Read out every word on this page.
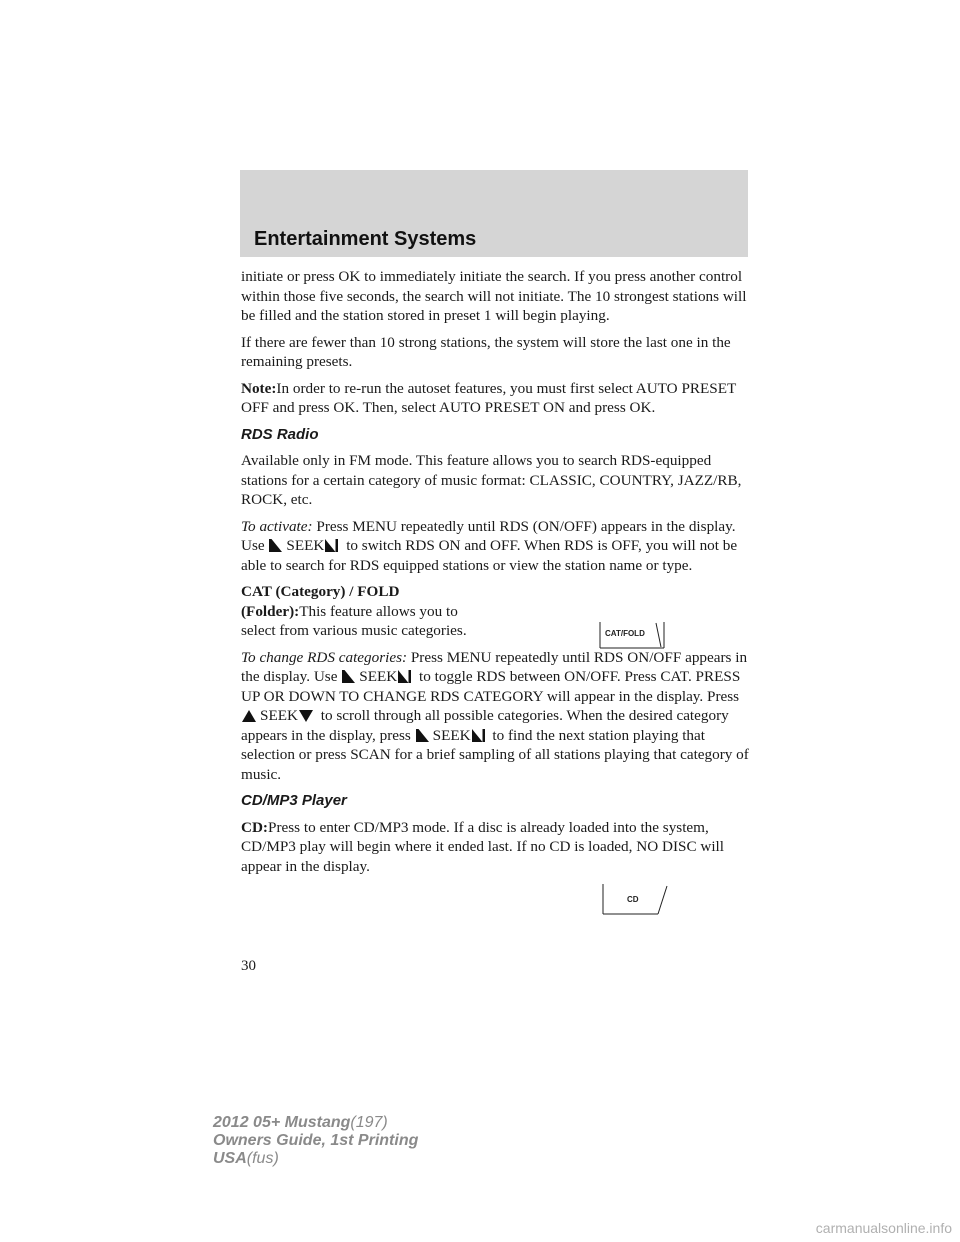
Entertainment Systems

initiate or press OK to immediately initiate the search. If you press another control within those five seconds, the search will not initiate. The 10 strongest stations will be filled and the station stored in preset 1 will begin playing.

If there are fewer than 10 strong stations, the system will store the last one in the remaining presets.

Note:In order to re-run the autoset features, you must first select AUTO PRESET OFF and press OK. Then, select AUTO PRESET ON and press OK.

RDS Radio

Available only in FM mode. This feature allows you to search RDS-equipped stations for a certain category of music format: CLASSIC, COUNTRY, JAZZ/RB, ROCK, etc.

To activate: Press MENU repeatedly until RDS (ON/OFF) appears in the display. Use SEEK to switch RDS ON and OFF. When RDS is OFF, you will not be able to search for RDS equipped stations or view the station name or type.

CAT (Category) / FOLD (Folder):This feature allows you to select from various music categories.

To change RDS categories: Press MENU repeatedly until RDS ON/OFF appears in the display. Use SEEK to toggle RDS between ON/OFF. Press CAT. PRESS UP OR DOWN TO CHANGE RDS CATEGORY will appear in the display. Press SEEK to scroll through all possible categories. When the desired category appears in the display, press SEEK to find the next station playing that selection or press SCAN for a brief sampling of all stations playing that category of music.

CD/MP3 Player

CD:Press to enter CD/MP3 mode. If a disc is already loaded into the system, CD/MP3 play will begin where it ended last. If no CD is loaded, NO DISC will appear in the display.

CAT/FOLD
CD

30

2012 05+ Mustang(197)
Owners Guide, 1st Printing
USA(fus)
carmanualsonline.info
